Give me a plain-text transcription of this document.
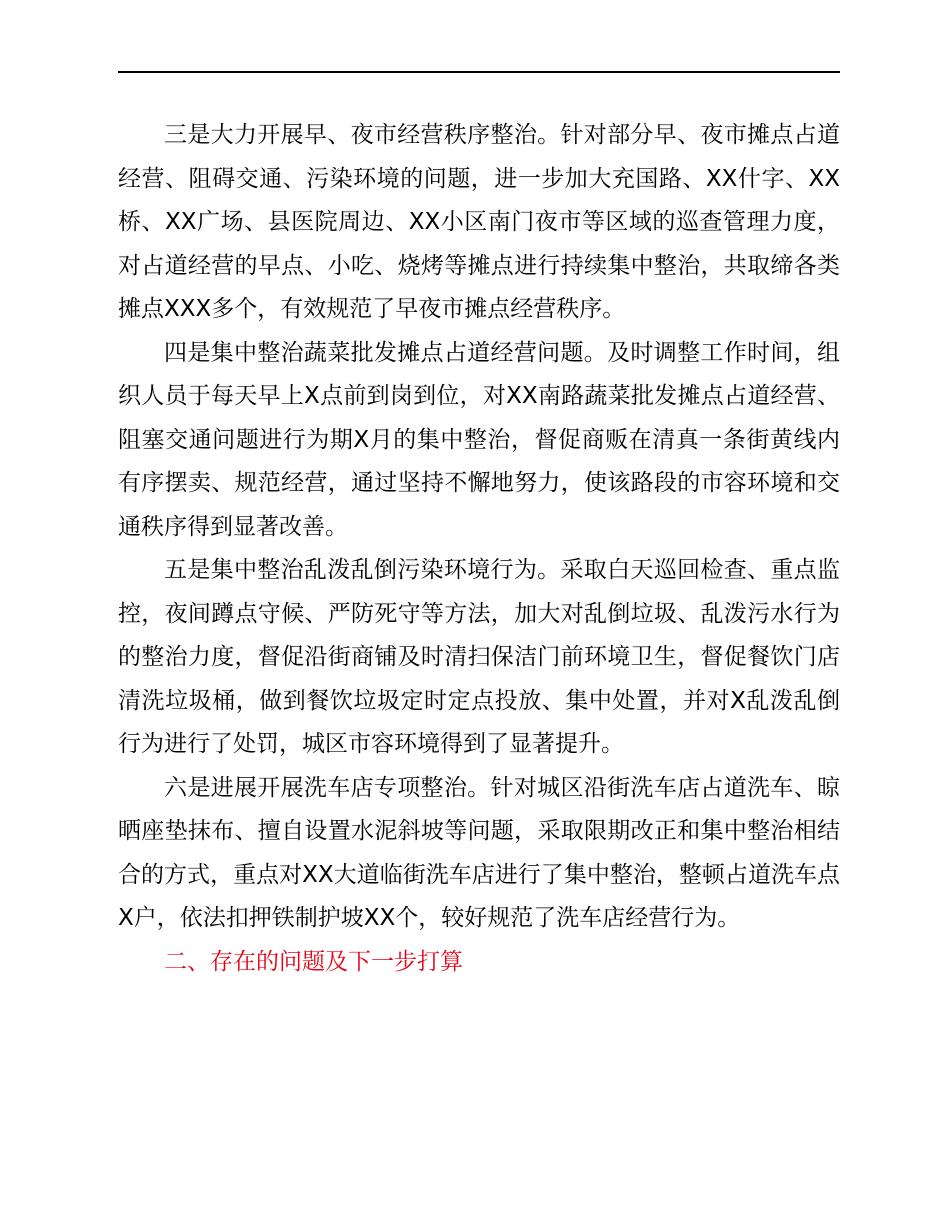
三是大力开展早、夜市经营秩序整治。针对部分早、夜市摊点占道经营、阻碍交通、污染环境的问题，进一步加大充国路、XX什字、XX桥、XX广场、县医院周边、XX小区南门夜市等区域的巡查管理力度，对占道经营的早点、小吃、烧烤等摊点进行持续集中整治，共取缔各类摊点XXX多个，有效规范了早夜市摊点经营秩序。

四是集中整治蔬菜批发摊点占道经营问题。及时调整工作时间，组织人员于每天早上X点前到岗到位，对XX南路蔬菜批发摊点占道经营、阻塞交通问题进行为期X月的集中整治，督促商贩在清真一条街黄线内有序摆卖、规范经营，通过坚持不懈地努力，使该路段的市容环境和交通秩序得到显著改善。

五是集中整治乱泼乱倒污染环境行为。采取白天巡回检查、重点监控，夜间蹲点守候、严防死守等方法，加大对乱倒垃圾、乱泼污水行为的整治力度，督促沿街商铺及时清扫保洁门前环境卫生，督促餐饮门店清洗垃圾桶，做到餐饮垃圾定时定点投放、集中处置，并对X乱泼乱倒行为进行了处罚，城区市容环境得到了显著提升。

六是进展开展洗车店专项整治。针对城区沿街洗车店占道洗车、晾晒座垫抹布、擅自设置水泥斜坡等问题，采取限期改正和集中整治相结合的方式，重点对XX大道临街洗车店进行了集中整治，整顿占道洗车点X户，依法扣押铁制护坡XX个，较好规范了洗车店经营行为。

二、存在的问题及下一步打算
